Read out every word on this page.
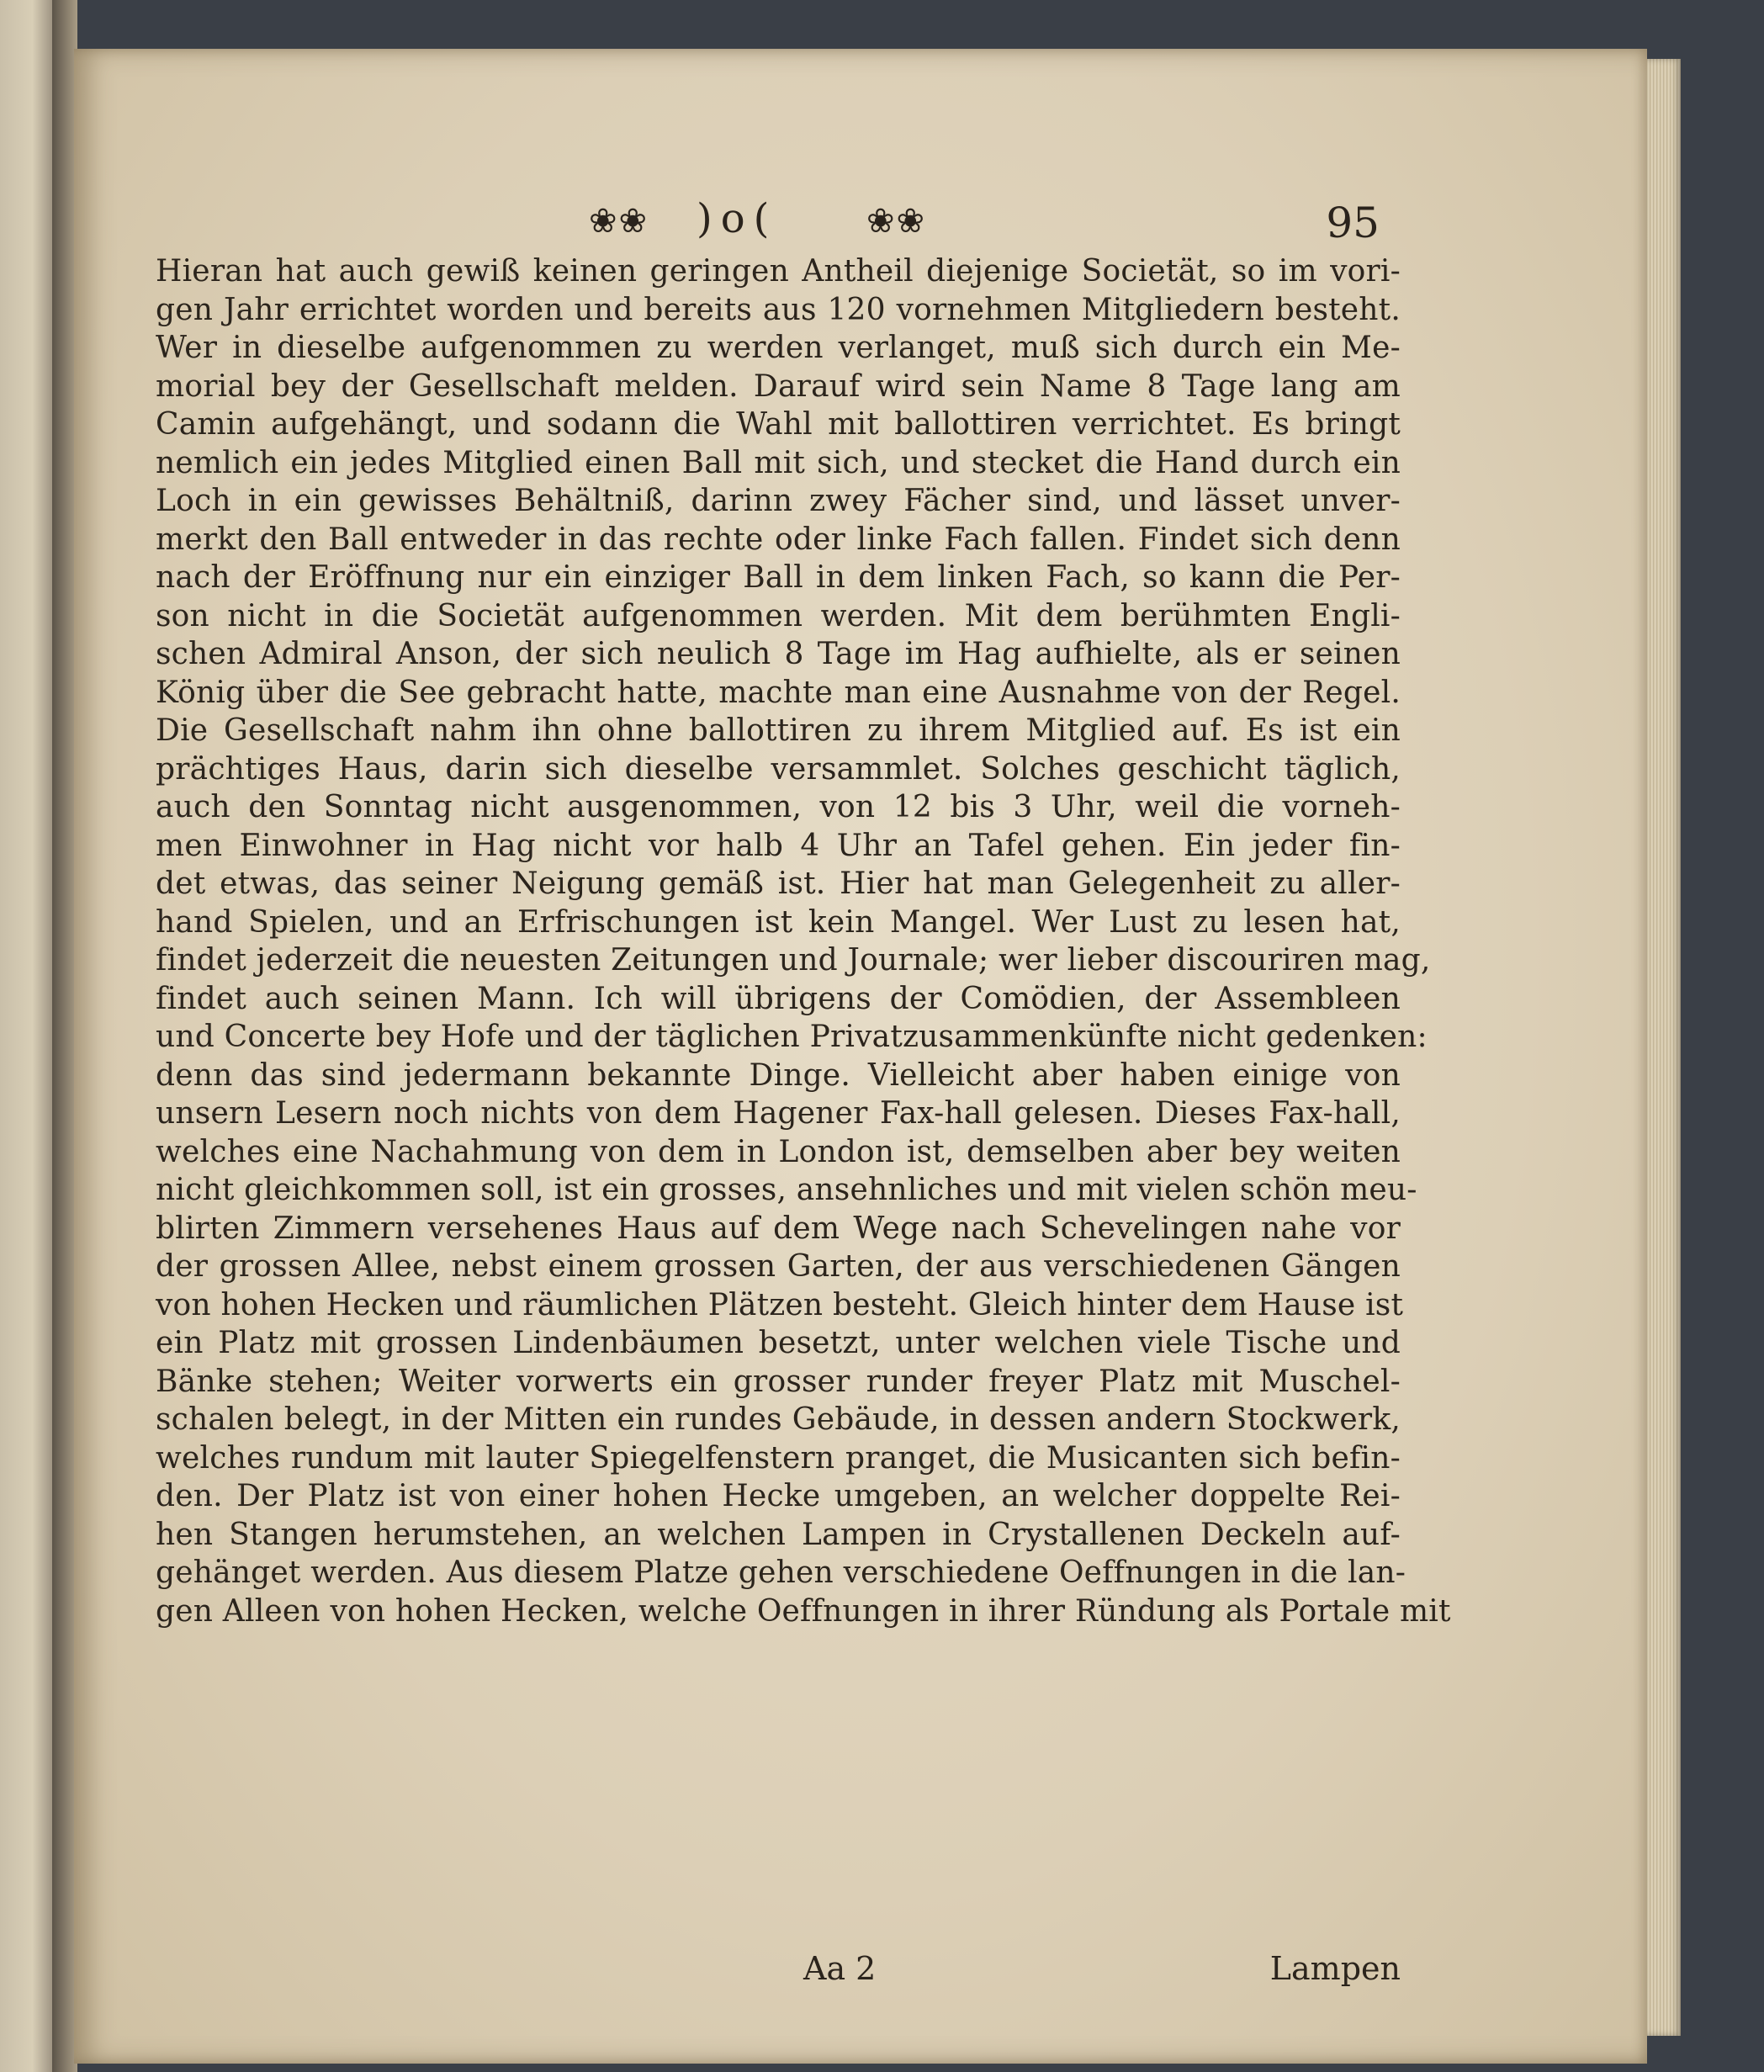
❀❀ )o(	❀❀	95
Hieran hat auch gewiß keinen geringen Antheil diejenige Societät, so im vori-
gen Jahr errichtet worden und bereits aus 120 vornehmen Mitgliedern besteht.
Wer in dieselbe aufgenommen zu werden verlanget, muß sich durch ein Me-
morial bey der Gesellschaft melden. Darauf wird sein Name 8 Tage lang am
Camin aufgehängt, und sodann die Wahl mit ballottiren verrichtet. Es bringt
nemlich ein jedes Mitglied einen Ball mit sich, und stecket die Hand durch ein
Loch in ein gewisses Behältniß, darinn zwey Fächer sind, und lässet unver-
merkt den Ball entweder in das rechte oder linke Fach fallen. Findet sich denn
nach der Eröffnung nur ein einziger Ball in dem linken Fach, so kann die Per-
son nicht in die Societät aufgenommen werden. Mit dem berühmten Engli-
schen Admiral Anson, der sich neulich 8 Tage im Hag aufhielte, als er seinen
König über die See gebracht hatte, machte man eine Ausnahme von der Regel.
Die Gesellschaft nahm ihn ohne ballottiren zu ihrem Mitglied auf. Es ist ein
prächtiges Haus, darin sich dieselbe versammlet. Solches geschicht täglich,
auch den Sonntag nicht ausgenommen, von 12 bis 3 Uhr, weil die vorneh-
men Einwohner in Hag nicht vor halb 4 Uhr an Tafel gehen. Ein jeder fin-
det etwas, das seiner Neigung gemäß ist. Hier hat man Gelegenheit zu aller-
hand Spielen, und an Erfrischungen ist kein Mangel. Wer Lust zu lesen hat,
findet jederzeit die neuesten Zeitungen und Journale; wer lieber discouriren mag,
findet auch seinen Mann. Ich will übrigens der Comödien, der Assembleen
und Concerte bey Hofe und der täglichen Privatzusammenkünfte nicht gedenken:
denn das sind jedermann bekannte Dinge. Vielleicht aber haben einige von
unsern Lesern noch nichts von dem Hagener Fax-hall gelesen. Dieses Fax-hall,
welches eine Nachahmung von dem in London ist, demselben aber bey weiten
nicht gleichkommen soll, ist ein grosses, ansehnliches und mit vielen schön meu-
blirten Zimmern versehenes Haus auf dem Wege nach Schevelingen nahe vor
der grossen Allee, nebst einem grossen Garten, der aus verschiedenen Gängen
von hohen Hecken und räumlichen Plätzen besteht. Gleich hinter dem Hause ist
ein Platz mit grossen Lindenbäumen besetzt, unter welchen viele Tische und
Bänke stehen; Weiter vorwerts ein grosser runder freyer Platz mit Muschel-
schalen belegt, in der Mitten ein rundes Gebäude, in dessen andern Stockwerk,
welches rundum mit lauter Spiegelfenstern pranget, die Musicanten sich befin-
den. Der Platz ist von einer hohen Hecke umgeben, an welcher doppelte Rei-
hen Stangen herumstehen, an welchen Lampen in Crystallenen Deckeln auf-
gehänget werden. Aus diesem Platze gehen verschiedene Oeffnungen in die lan-
gen Alleen von hohen Hecken, welche Oeffnungen in ihrer Ründung als Portale mit
Aa 2	Lampen
